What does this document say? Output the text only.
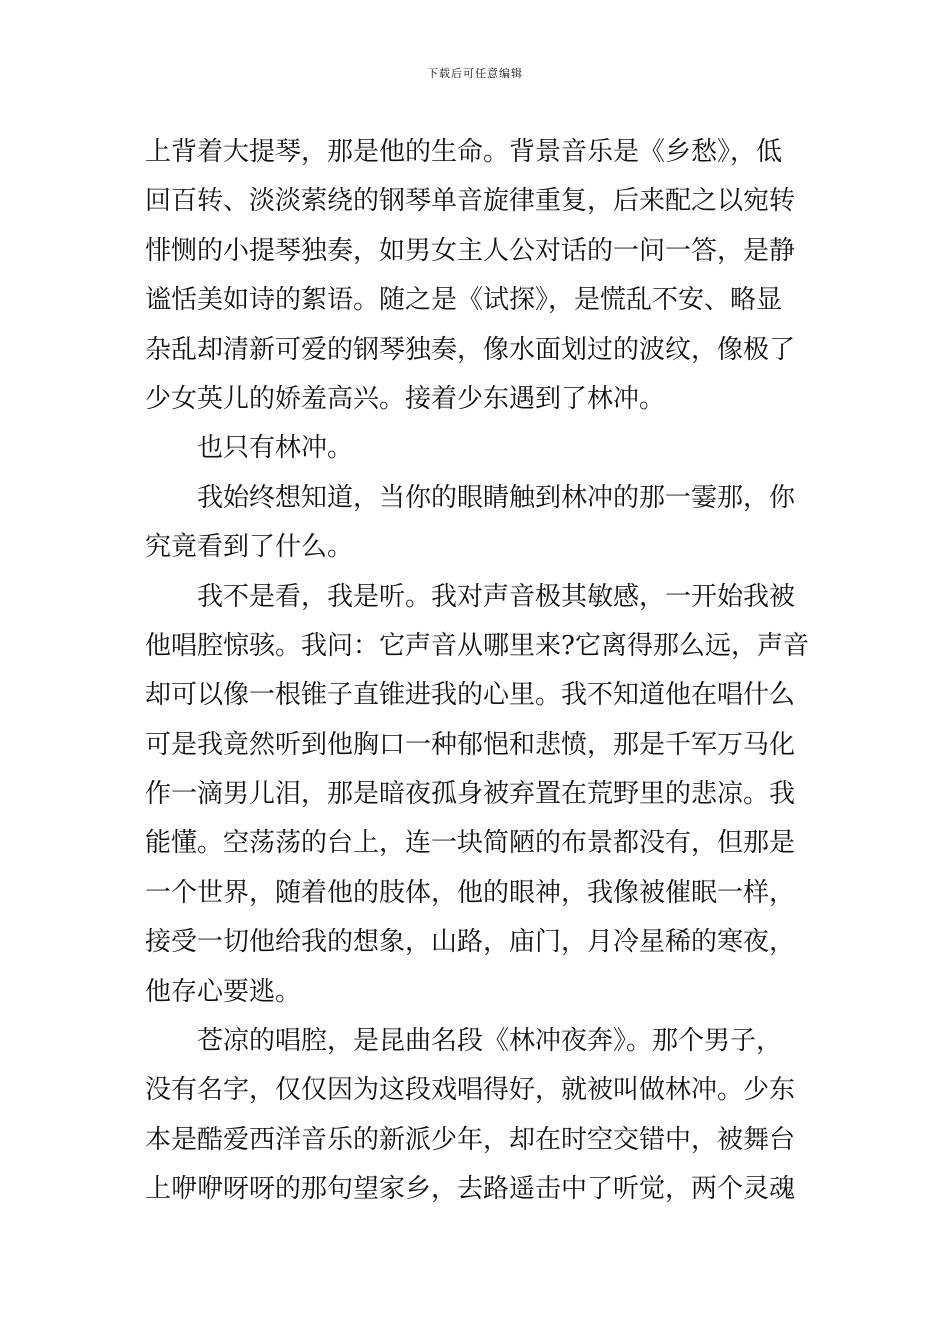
下载后可任意编辑
上背着大提琴，那是他的生命。背景音乐是《乡愁》，低
回百转、淡淡萦绕的钢琴单音旋律重复，后来配之以宛转
悱恻的小提琴独奏，如男女主人公对话的一问一答，是静
谧恬美如诗的絮语。随之是《试探》，是慌乱不安、略显
杂乱却清新可爱的钢琴独奏，像水面划过的波纹，像极了
少女英儿的娇羞高兴。接着少东遇到了林冲。
也只有林冲。
我始终想知道，当你的眼睛触到林冲的那一霎那，你
究竟看到了什么。
我不是看，我是听。我对声音极其敏感，一开始我被
他唱腔惊骇。我问：它声音从哪里来?它离得那么远，声音
却可以像一根锥子直锥进我的心里。我不知道他在唱什么
可是我竟然听到他胸口一种郁悒和悲愤，那是千军万马化
作一滴男儿泪，那是暗夜孤身被弃置在荒野里的悲凉。我
能懂。空荡荡的台上，连一块简陋的布景都没有，但那是
一个世界，随着他的肢体，他的眼神，我像被催眠一样，
接受一切他给我的想象，山路，庙门，月冷星稀的寒夜，
他存心要逃。
苍凉的唱腔，是昆曲名段《林冲夜奔》。那个男子，
没有名字，仅仅因为这段戏唱得好，就被叫做林冲。少东
本是酷爱西洋音乐的新派少年，却在时空交错中，被舞台
上咿咿呀呀的那句望家乡，去路遥击中了听觉，两个灵魂
